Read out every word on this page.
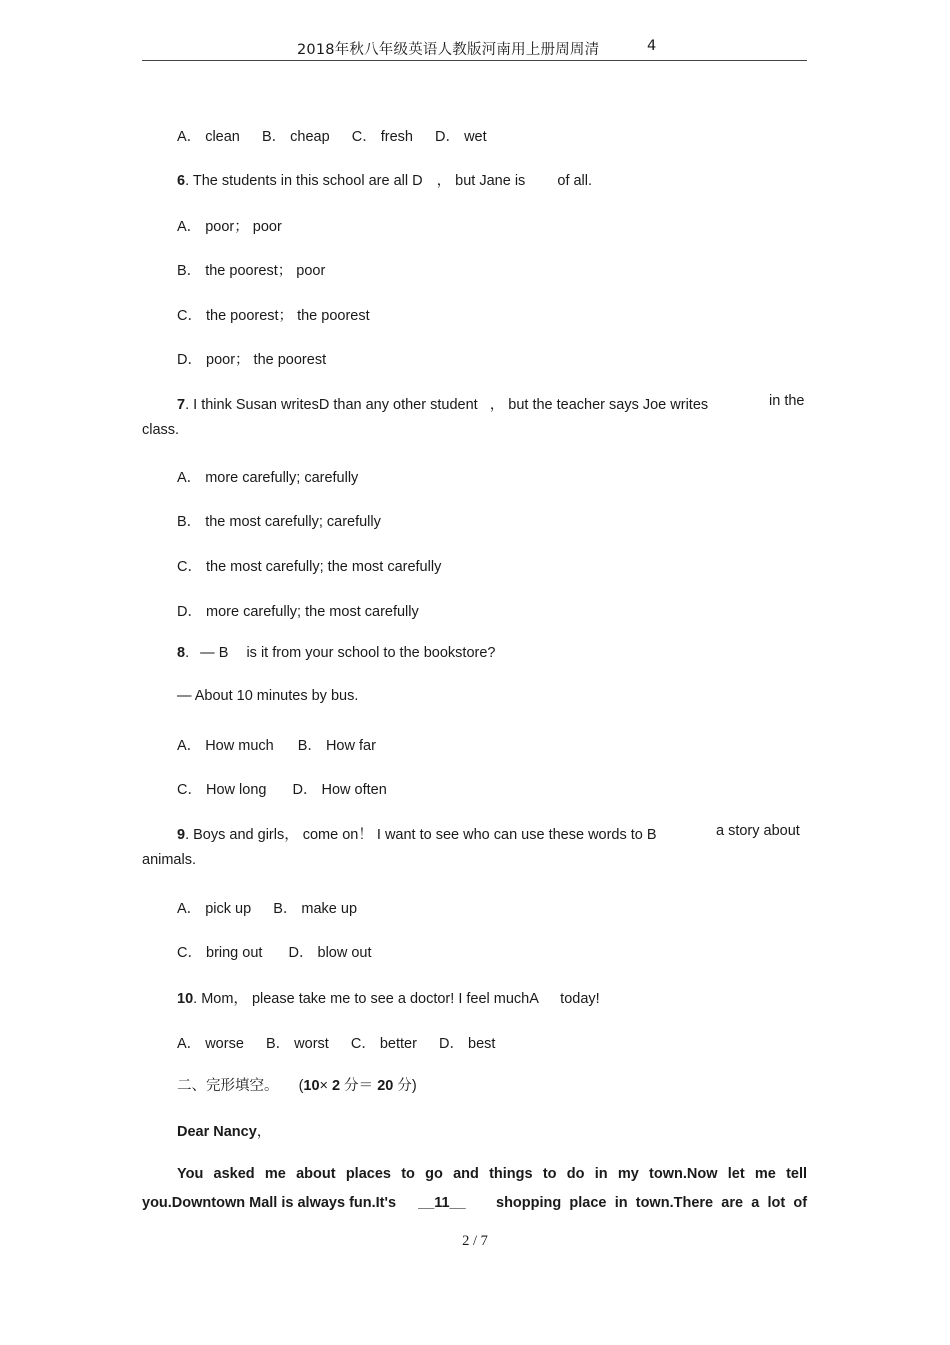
2018年秋八年级英语人教版河南用上册周周清	4
A． clean B． cheap C． fresh D． wet
6. The students in this school are all D ， but Jane is of all.
A． poor； poor
B． the poorest； poor
C． the poorest； the poorest
D． poor； the poorest
7. I think Susan writesD than any other student ， but the teacher says Joe writes	in the
class.
A． more carefully; carefully
B． the most carefully; carefully
C． the most carefully; the most carefully
D． more carefully; the most carefully
8.  — B is it from your school to the bookstore?
— About 10 minutes by bus.
A． How much B． How far
C． How long D． How often
9. Boys and girls， come on！ I want to see who can use these words to B	a story about
animals.
A． pick up B． make up
C． bring out D． blow out
10. Mom， please take me to see a doctor! I feel muchA today!
A． worse B． worst C． better D． best
二、完形填空。 (10× 2 分＝ 20 分)
Dear Nancy，
You asked me about places to go and things to do in my town.Now let me tell
you.Downtown Mall is always fun.It's __11__ shopping place in town.There are a lot of
2 / 7
